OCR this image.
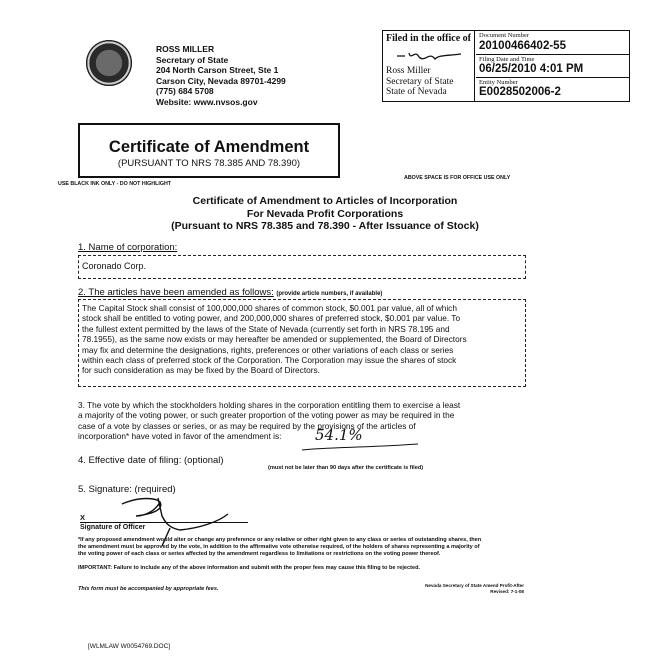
ROSS MILLER
Secretary of State
204 North Carson Street, Ste 1
Carson City, Nevada 89701-4299
(775) 684 5708
Website: www.nvsos.gov
Filed in the office of
Ross Miller
Secretary of State
State of Nevada
Document Number
20100466402-55
Filing Date and Time
06/25/2010 4:01 PM
Entity Number
E0028502006-2
Certificate of Amendment
(PURSUANT TO NRS 78.385 AND 78.390)
USE BLACK INK ONLY - DO NOT HIGHLIGHT
ABOVE SPACE IS FOR OFFICE USE ONLY
Certificate of Amendment to Articles of Incorporation
For Nevada Profit Corporations
(Pursuant to NRS 78.385 and 78.390 - After Issuance of Stock)
1. Name of corporation:
Coronado Corp.
2. The articles have been amended as follows: (provide article numbers, if available)
The Capital Stock shall consist of 100,000,000 shares of common stock, $0.001 par value, all of which
stock shall be entitled to voting power, and 200,000,000 shares of preferred stock, $0.001 par value. To
the fullest extent permitted by the laws of the State of Nevada (currently set forth in NRS 78.195 and
78.1955), as the same now exists or may hereafter be amended or supplemented, the Board of Directors
may fix and determine the designations, rights, preferences or other variations of each class or series
within each class of preferred stock of the Corporation. The Corporation may issue the shares of stock
for such consideration as may be fixed by the Board of Directors.
3. The vote by which the stockholders holding shares in the corporation entitling them to exercise a least
a majority of the voting power, or such greater proportion of the voting power as may be required in the
case of a vote by classes or series, or as may be required by the provisions of the articles of
incorporation* have voted in favor of the amendment is:	54.1%
4. Effective date of filing: (optional)
(must not be later than 90 days after the certificate is filed)
5. Signature: (required)
X
Signature of Officer
*If any proposed amendment would alter or change any preference or any relative or other right given to any class or series of outstanding shares, then
the amendment must be approved by the vote, in addition to the affirmative vote otherwise required, of the holders of shares representing a majority of
the voting power of each class or series affected by the amendment regardless to limitations or restrictions on the voting power thereof.
IMPORTANT: Failure to include any of the above information and submit with the proper fees may cause this filing to be rejected.
This form must be accompanied by appropriate fees.
Nevada Secretary of State Amend Profit-After
Revised: 7-1-08
[WLMLAW W0054769.DOC]
